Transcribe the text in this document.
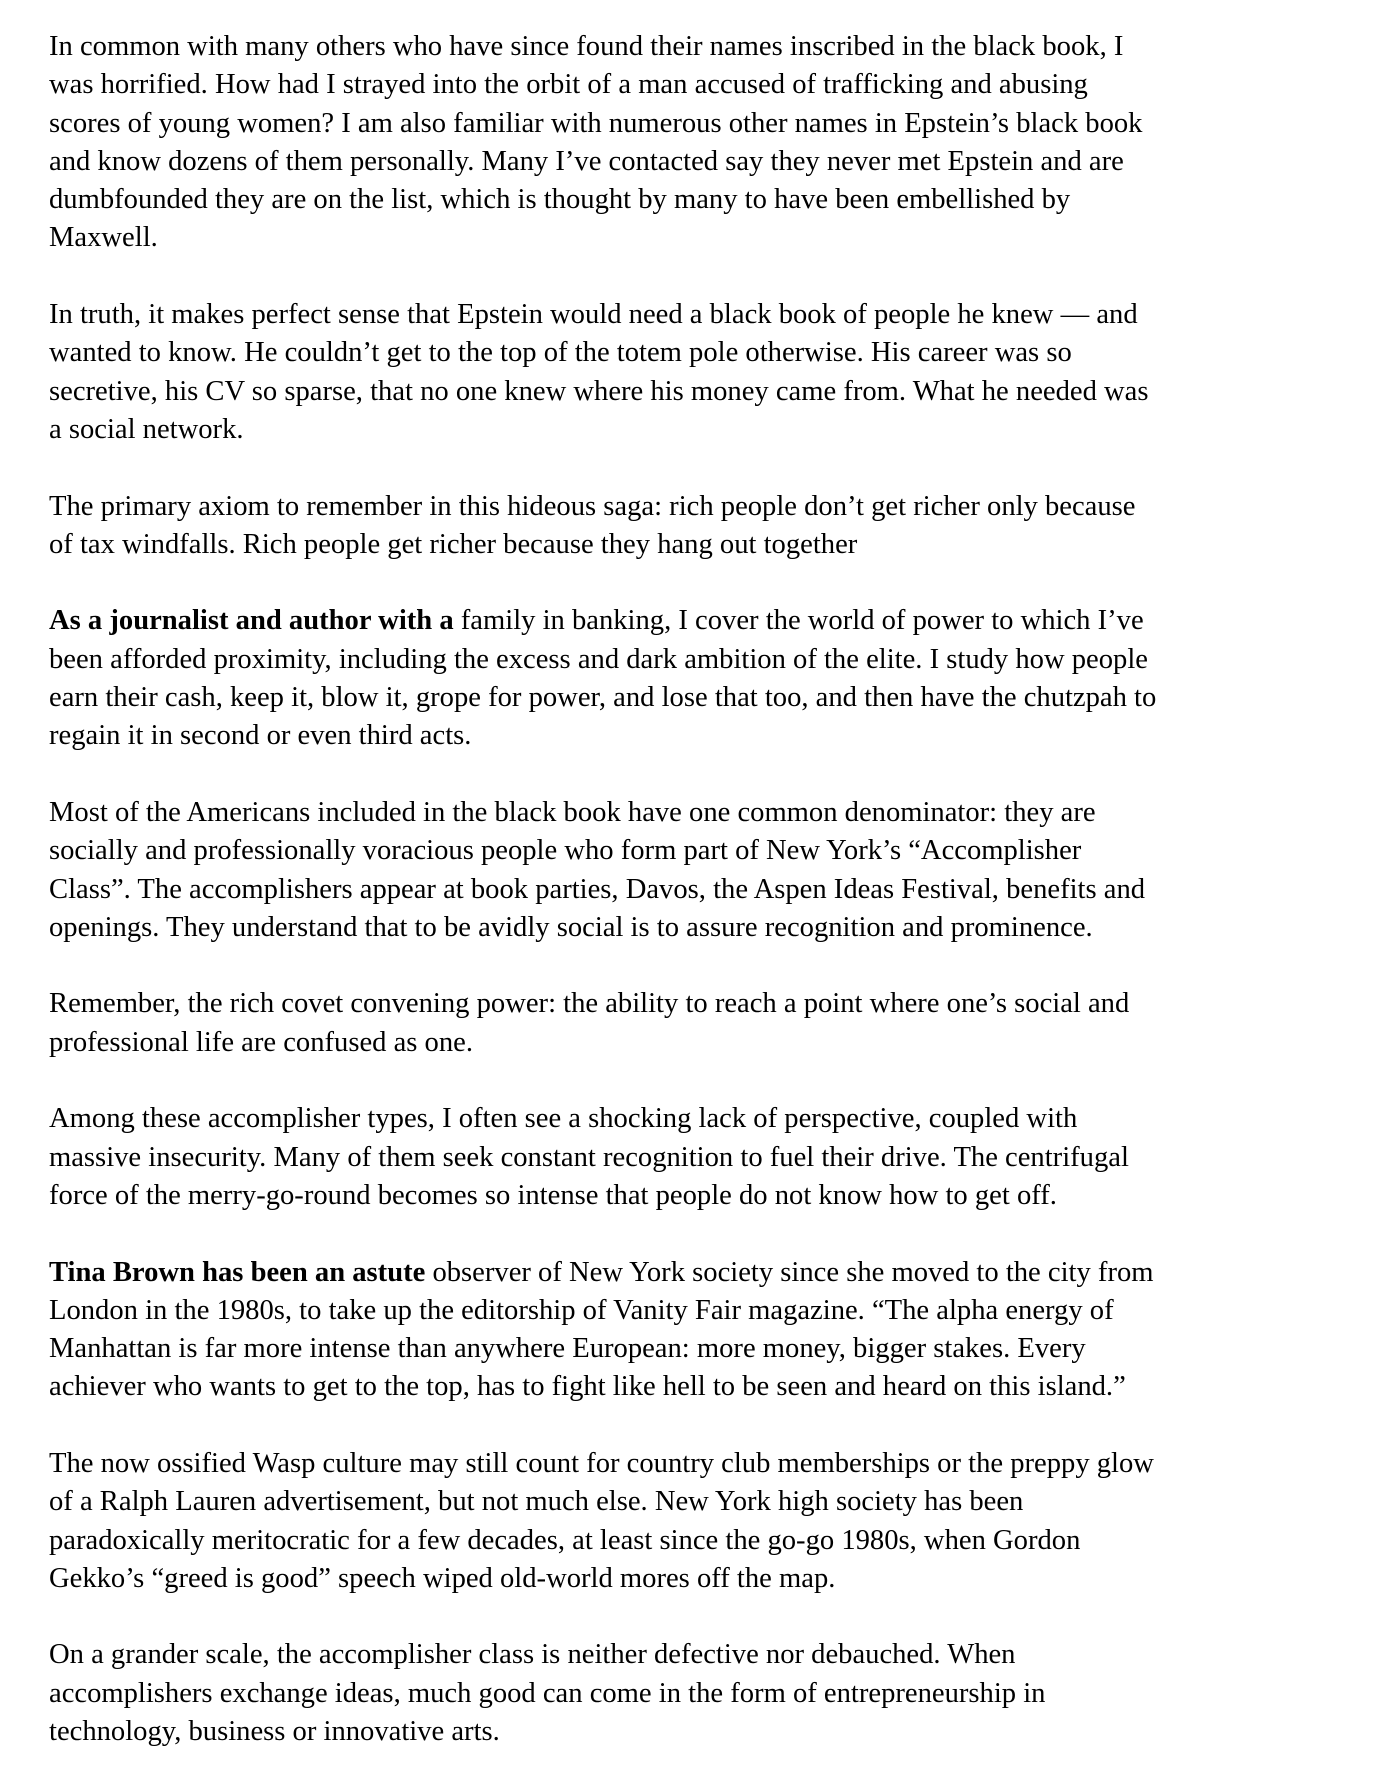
In common with many others who have since found their names inscribed in the black book, I
was horrified. How had I strayed into the orbit of a man accused of trafficking and abusing
scores of young women? I am also familiar with numerous other names in Epstein’s black book
and know dozens of them personally. Many I’ve contacted say they never met Epstein and are
dumbfounded they are on the list, which is thought by many to have been embellished by
Maxwell.

In truth, it makes perfect sense that Epstein would need a black book of people he knew — and
wanted to know. He couldn’t get to the top of the totem pole otherwise. His career was so
secretive, his CV so sparse, that no one knew where his money came from. What he needed was
a social network.

The primary axiom to remember in this hideous saga: rich people don’t get richer only because
of tax windfalls. Rich people get richer because they hang out together

As a journalist and author with a family in banking, I cover the world of power to which I’ve
been afforded proximity, including the excess and dark ambition of the elite. I study how people
earn their cash, keep it, blow it, grope for power, and lose that too, and then have the chutzpah to
regain it in second or even third acts.

Most of the Americans included in the black book have one common denominator: they are
socially and professionally voracious people who form part of New York’s “Accomplisher
Class”. The accomplishers appear at book parties, Davos, the Aspen Ideas Festival, benefits and
openings. They understand that to be avidly social is to assure recognition and prominence.

Remember, the rich covet convening power: the ability to reach a point where one’s social and
professional life are confused as one.

Among these accomplisher types, I often see a shocking lack of perspective, coupled with
massive insecurity. Many of them seek constant recognition to fuel their drive. The centrifugal
force of the merry-go-round becomes so intense that people do not know how to get off.

Tina Brown has been an astute observer of New York society since she moved to the city from
London in the 1980s, to take up the editorship of Vanity Fair magazine. “The alpha energy of
Manhattan is far more intense than anywhere European: more money, bigger stakes. Every
achiever who wants to get to the top, has to fight like hell to be seen and heard on this island.”

The now ossified Wasp culture may still count for country club memberships or the preppy glow
of a Ralph Lauren advertisement, but not much else. New York high society has been
paradoxically meritocratic for a few decades, at least since the go-go 1980s, when Gordon
Gekko’s “greed is good” speech wiped old-world mores off the map.

On a grander scale, the accomplisher class is neither defective nor debauched. When
accomplishers exchange ideas, much good can come in the form of entrepreneurship in
technology, business or innovative arts.
